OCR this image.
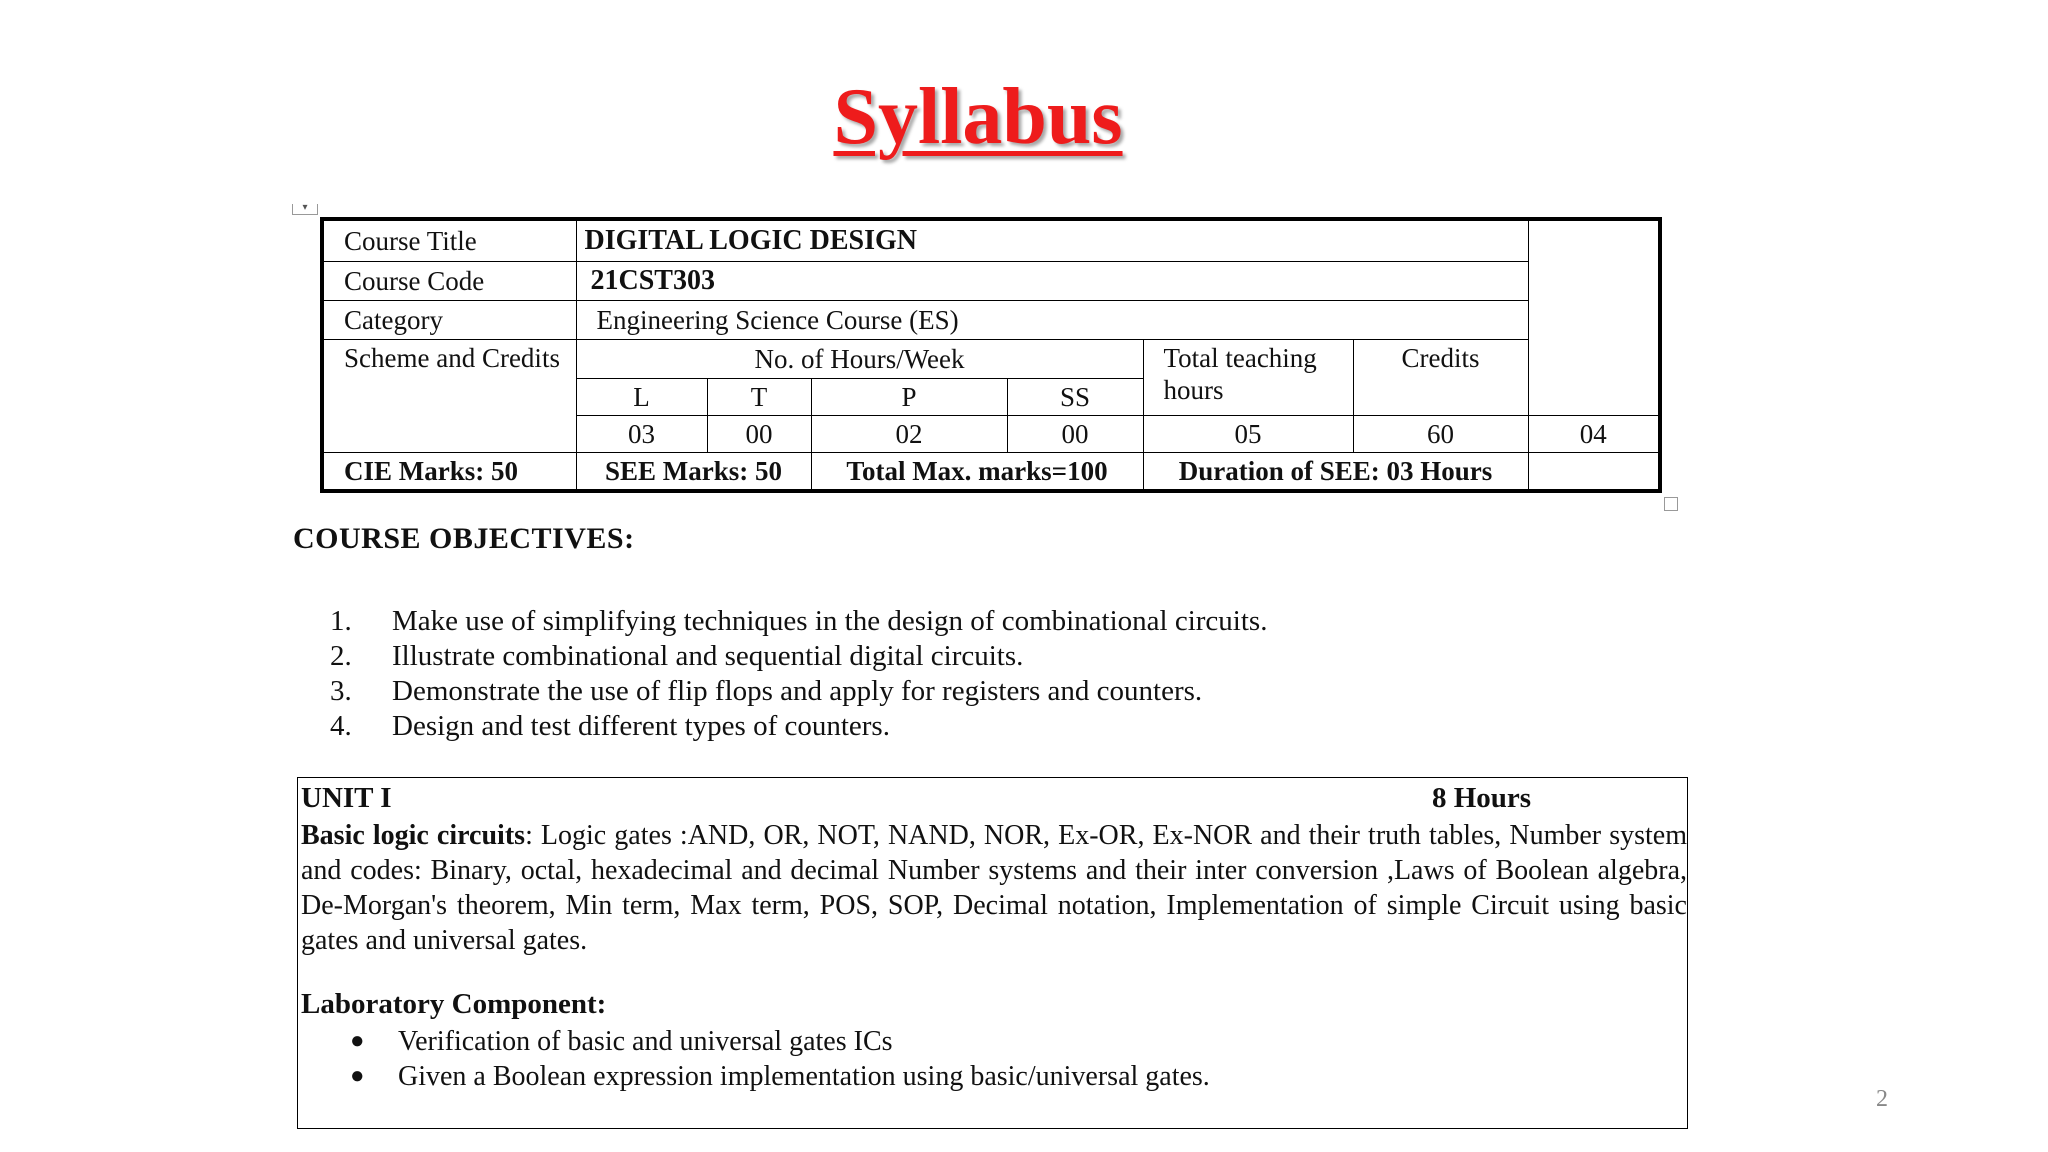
Syllabus
▾
Course Title	DIGITAL LOGIC DESIGN						
Course Code	21CST303						
Category	Engineering Science Course (ES)						
Scheme and Credits	No. of Hours/Week				Total teaching hours	Credits	
	L	T	P	SS			
	03	00	02	00	05	60	04
CIE Marks: 50	SEE Marks: 50		Total Max. marks=100		Duration of SEE: 03 Hours		
COURSE OBJECTIVES:
1.	Make use of simplifying techniques in the design of combinational circuits.
2.	Illustrate combinational and sequential digital circuits.
3.	Demonstrate the use of flip flops and apply for registers and counters.
4.	Design and test different types of counters.
UNIT I	8 Hours
Basic logic circuits: Logic gates :AND, OR, NOT, NAND, NOR, Ex-OR, Ex-NOR and their truth tables, Number system and codes: Binary, octal, hexadecimal and decimal Number systems and their inter conversion ,Laws of Boolean algebra, De-Morgan's theorem, Min term, Max term, POS, SOP, Decimal notation, Implementation of simple Circuit using basic gates and universal gates.
Laboratory Component:
●	Verification of basic and universal gates ICs
●	Given a Boolean expression implementation using basic/universal gates.
2
